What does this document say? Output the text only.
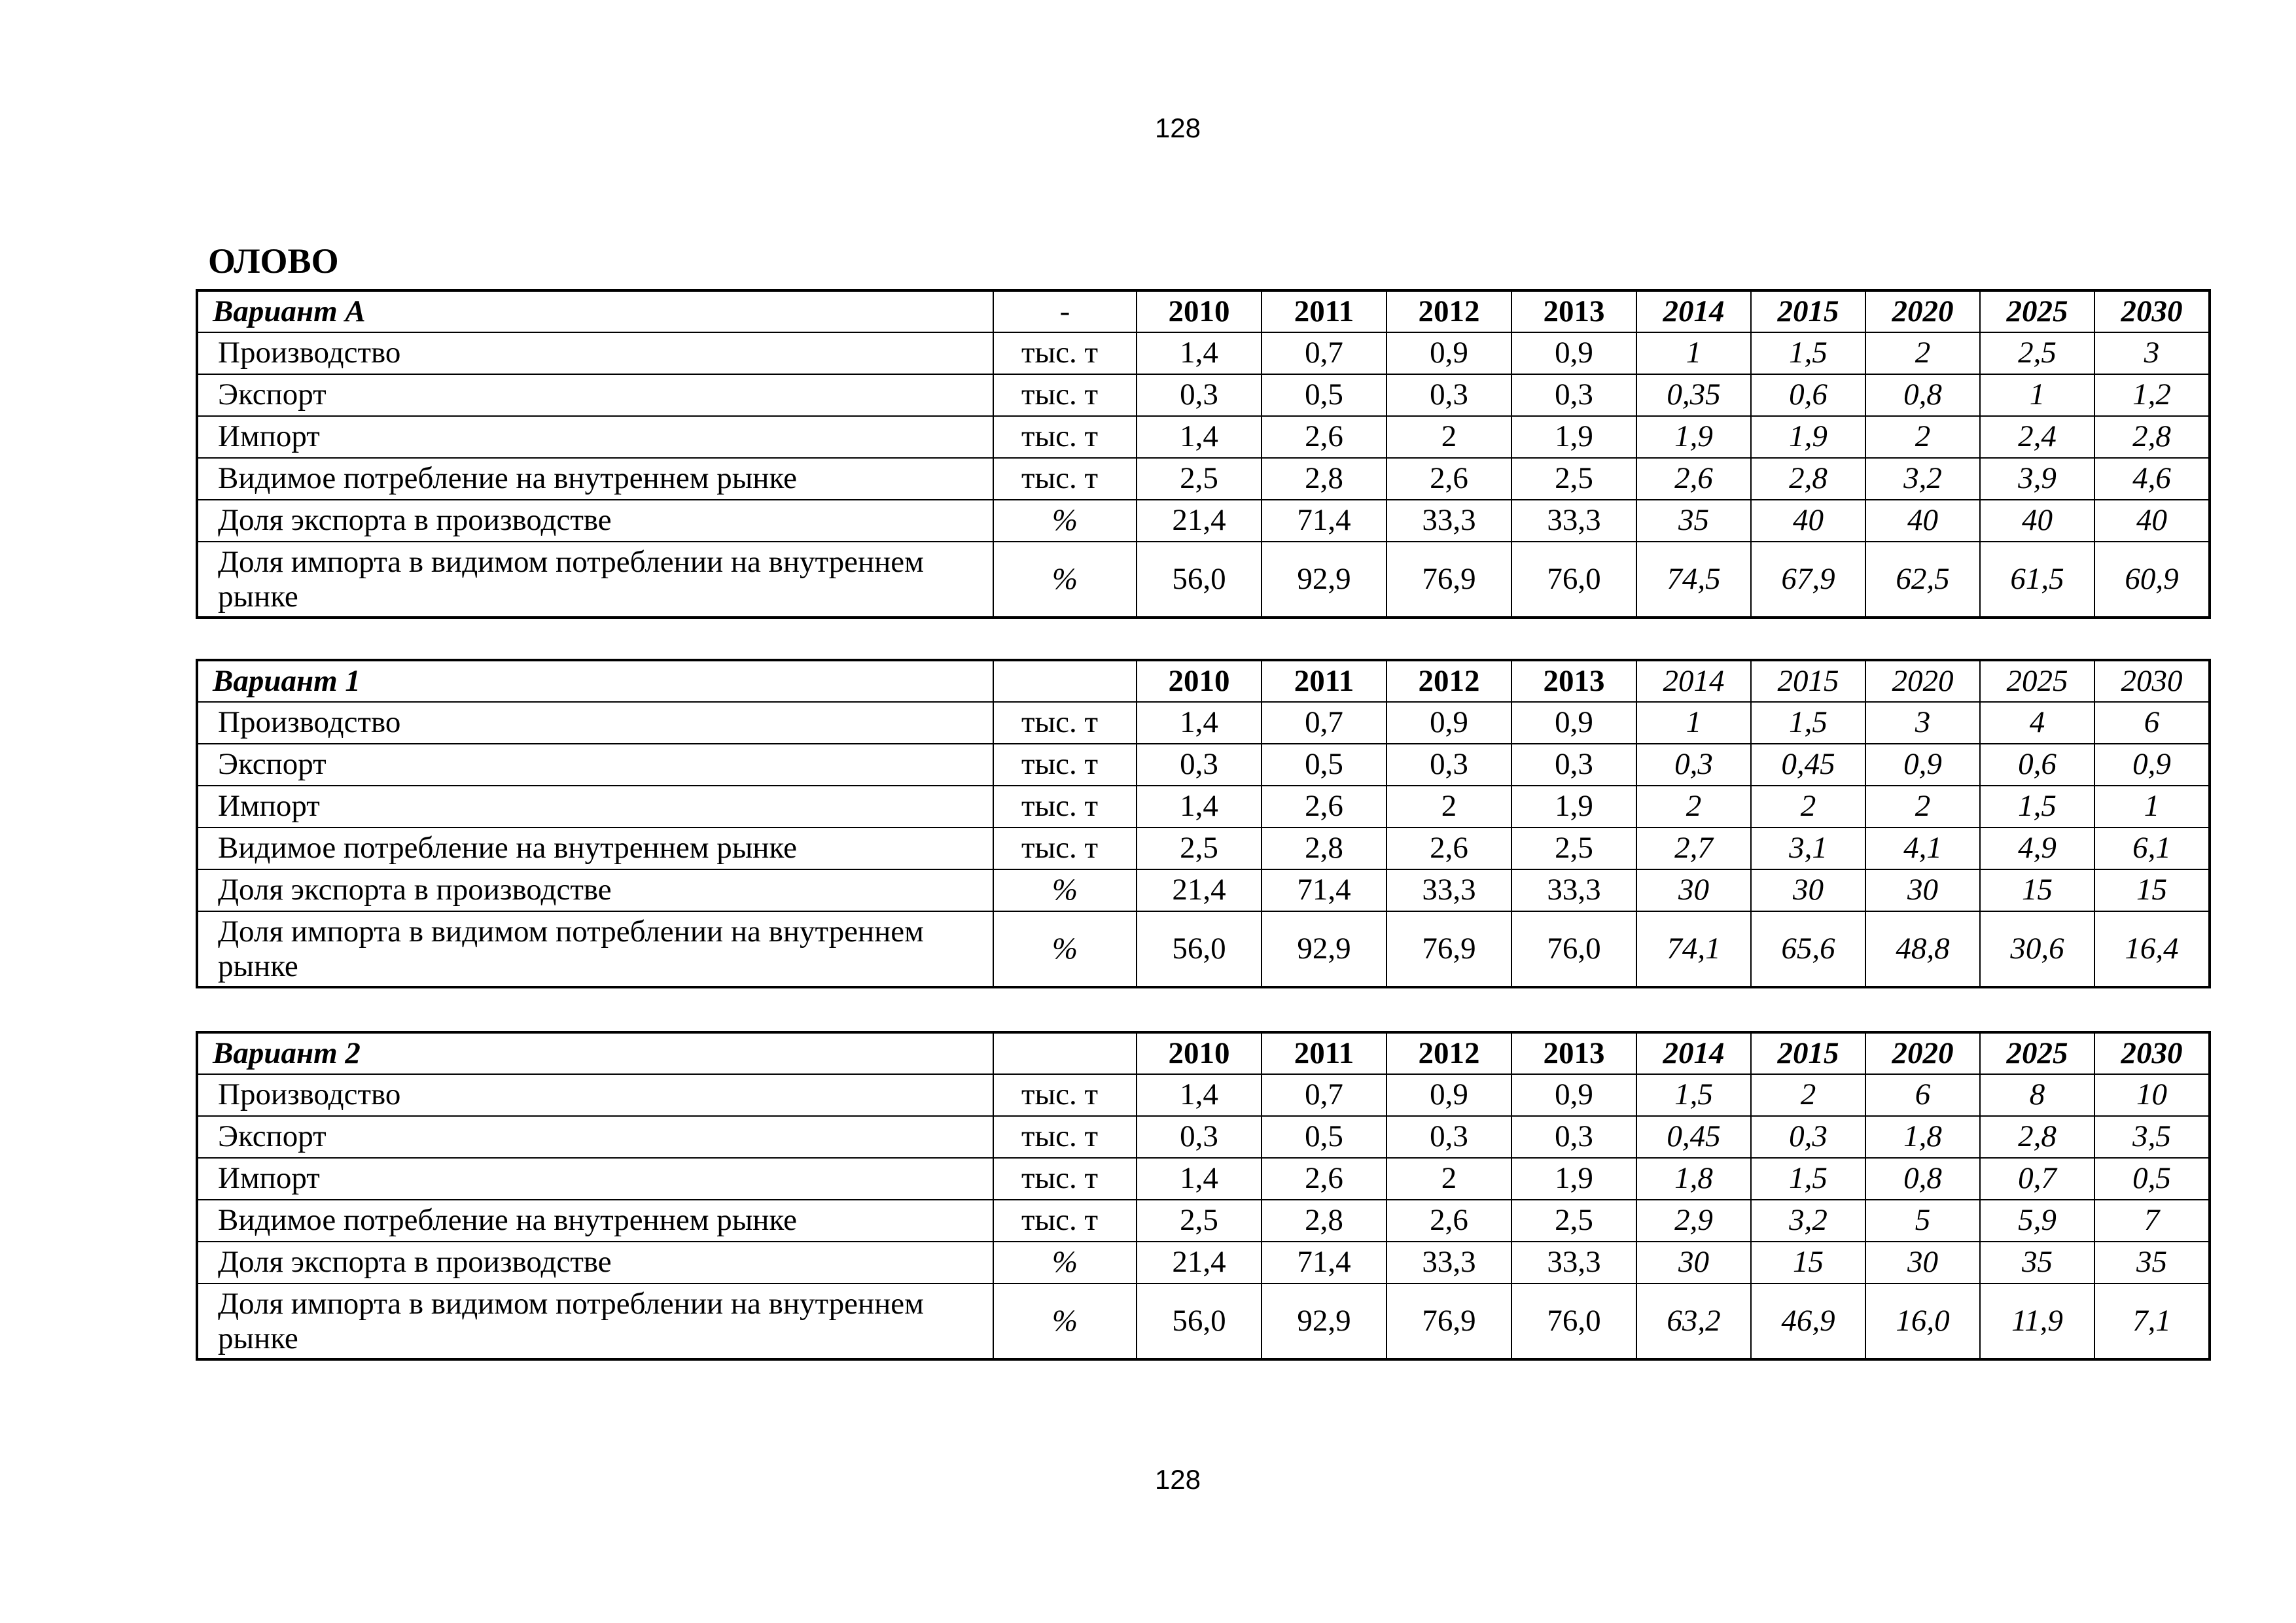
128
ОЛОВО
Вариант А	-	2010	2011	2012	2013	2014	2015	2020	2025	2030
Производство	тыс. т	1,4	0,7	0,9	0,9	1	1,5	2	2,5	3
Экспорт	тыс. т	0,3	0,5	0,3	0,3	0,35	0,6	0,8	1	1,2
Импорт	тыс. т	1,4	2,6	2	1,9	1,9	1,9	2	2,4	2,8
Видимое потребление на внутреннем рынке	тыс. т	2,5	2,8	2,6	2,5	2,6	2,8	3,2	3,9	4,6
Доля экспорта в производстве	%	21,4	71,4	33,3	33,3	35	40	40	40	40
Доля импорта в видимом потреблении на внутреннем рынке	%	56,0	92,9	76,9	76,0	74,5	67,9	62,5	61,5	60,9
Вариант 1		2010	2011	2012	2013	2014	2015	2020	2025	2030
Производство	тыс. т	1,4	0,7	0,9	0,9	1	1,5	3	4	6
Экспорт	тыс. т	0,3	0,5	0,3	0,3	0,3	0,45	0,9	0,6	0,9
Импорт	тыс. т	1,4	2,6	2	1,9	2	2	2	1,5	1
Видимое потребление на внутреннем рынке	тыс. т	2,5	2,8	2,6	2,5	2,7	3,1	4,1	4,9	6,1
Доля экспорта в производстве	%	21,4	71,4	33,3	33,3	30	30	30	15	15
Доля импорта в видимом потреблении на внутреннем рынке	%	56,0	92,9	76,9	76,0	74,1	65,6	48,8	30,6	16,4
Вариант 2		2010	2011	2012	2013	2014	2015	2020	2025	2030
Производство	тыс. т	1,4	0,7	0,9	0,9	1,5	2	6	8	10
Экспорт	тыс. т	0,3	0,5	0,3	0,3	0,45	0,3	1,8	2,8	3,5
Импорт	тыс. т	1,4	2,6	2	1,9	1,8	1,5	0,8	0,7	0,5
Видимое потребление на внутреннем рынке	тыс. т	2,5	2,8	2,6	2,5	2,9	3,2	5	5,9	7
Доля экспорта в производстве	%	21,4	71,4	33,3	33,3	30	15	30	35	35
Доля импорта в видимом потреблении на внутреннем рынке	%	56,0	92,9	76,9	76,0	63,2	46,9	16,0	11,9	7,1
128
